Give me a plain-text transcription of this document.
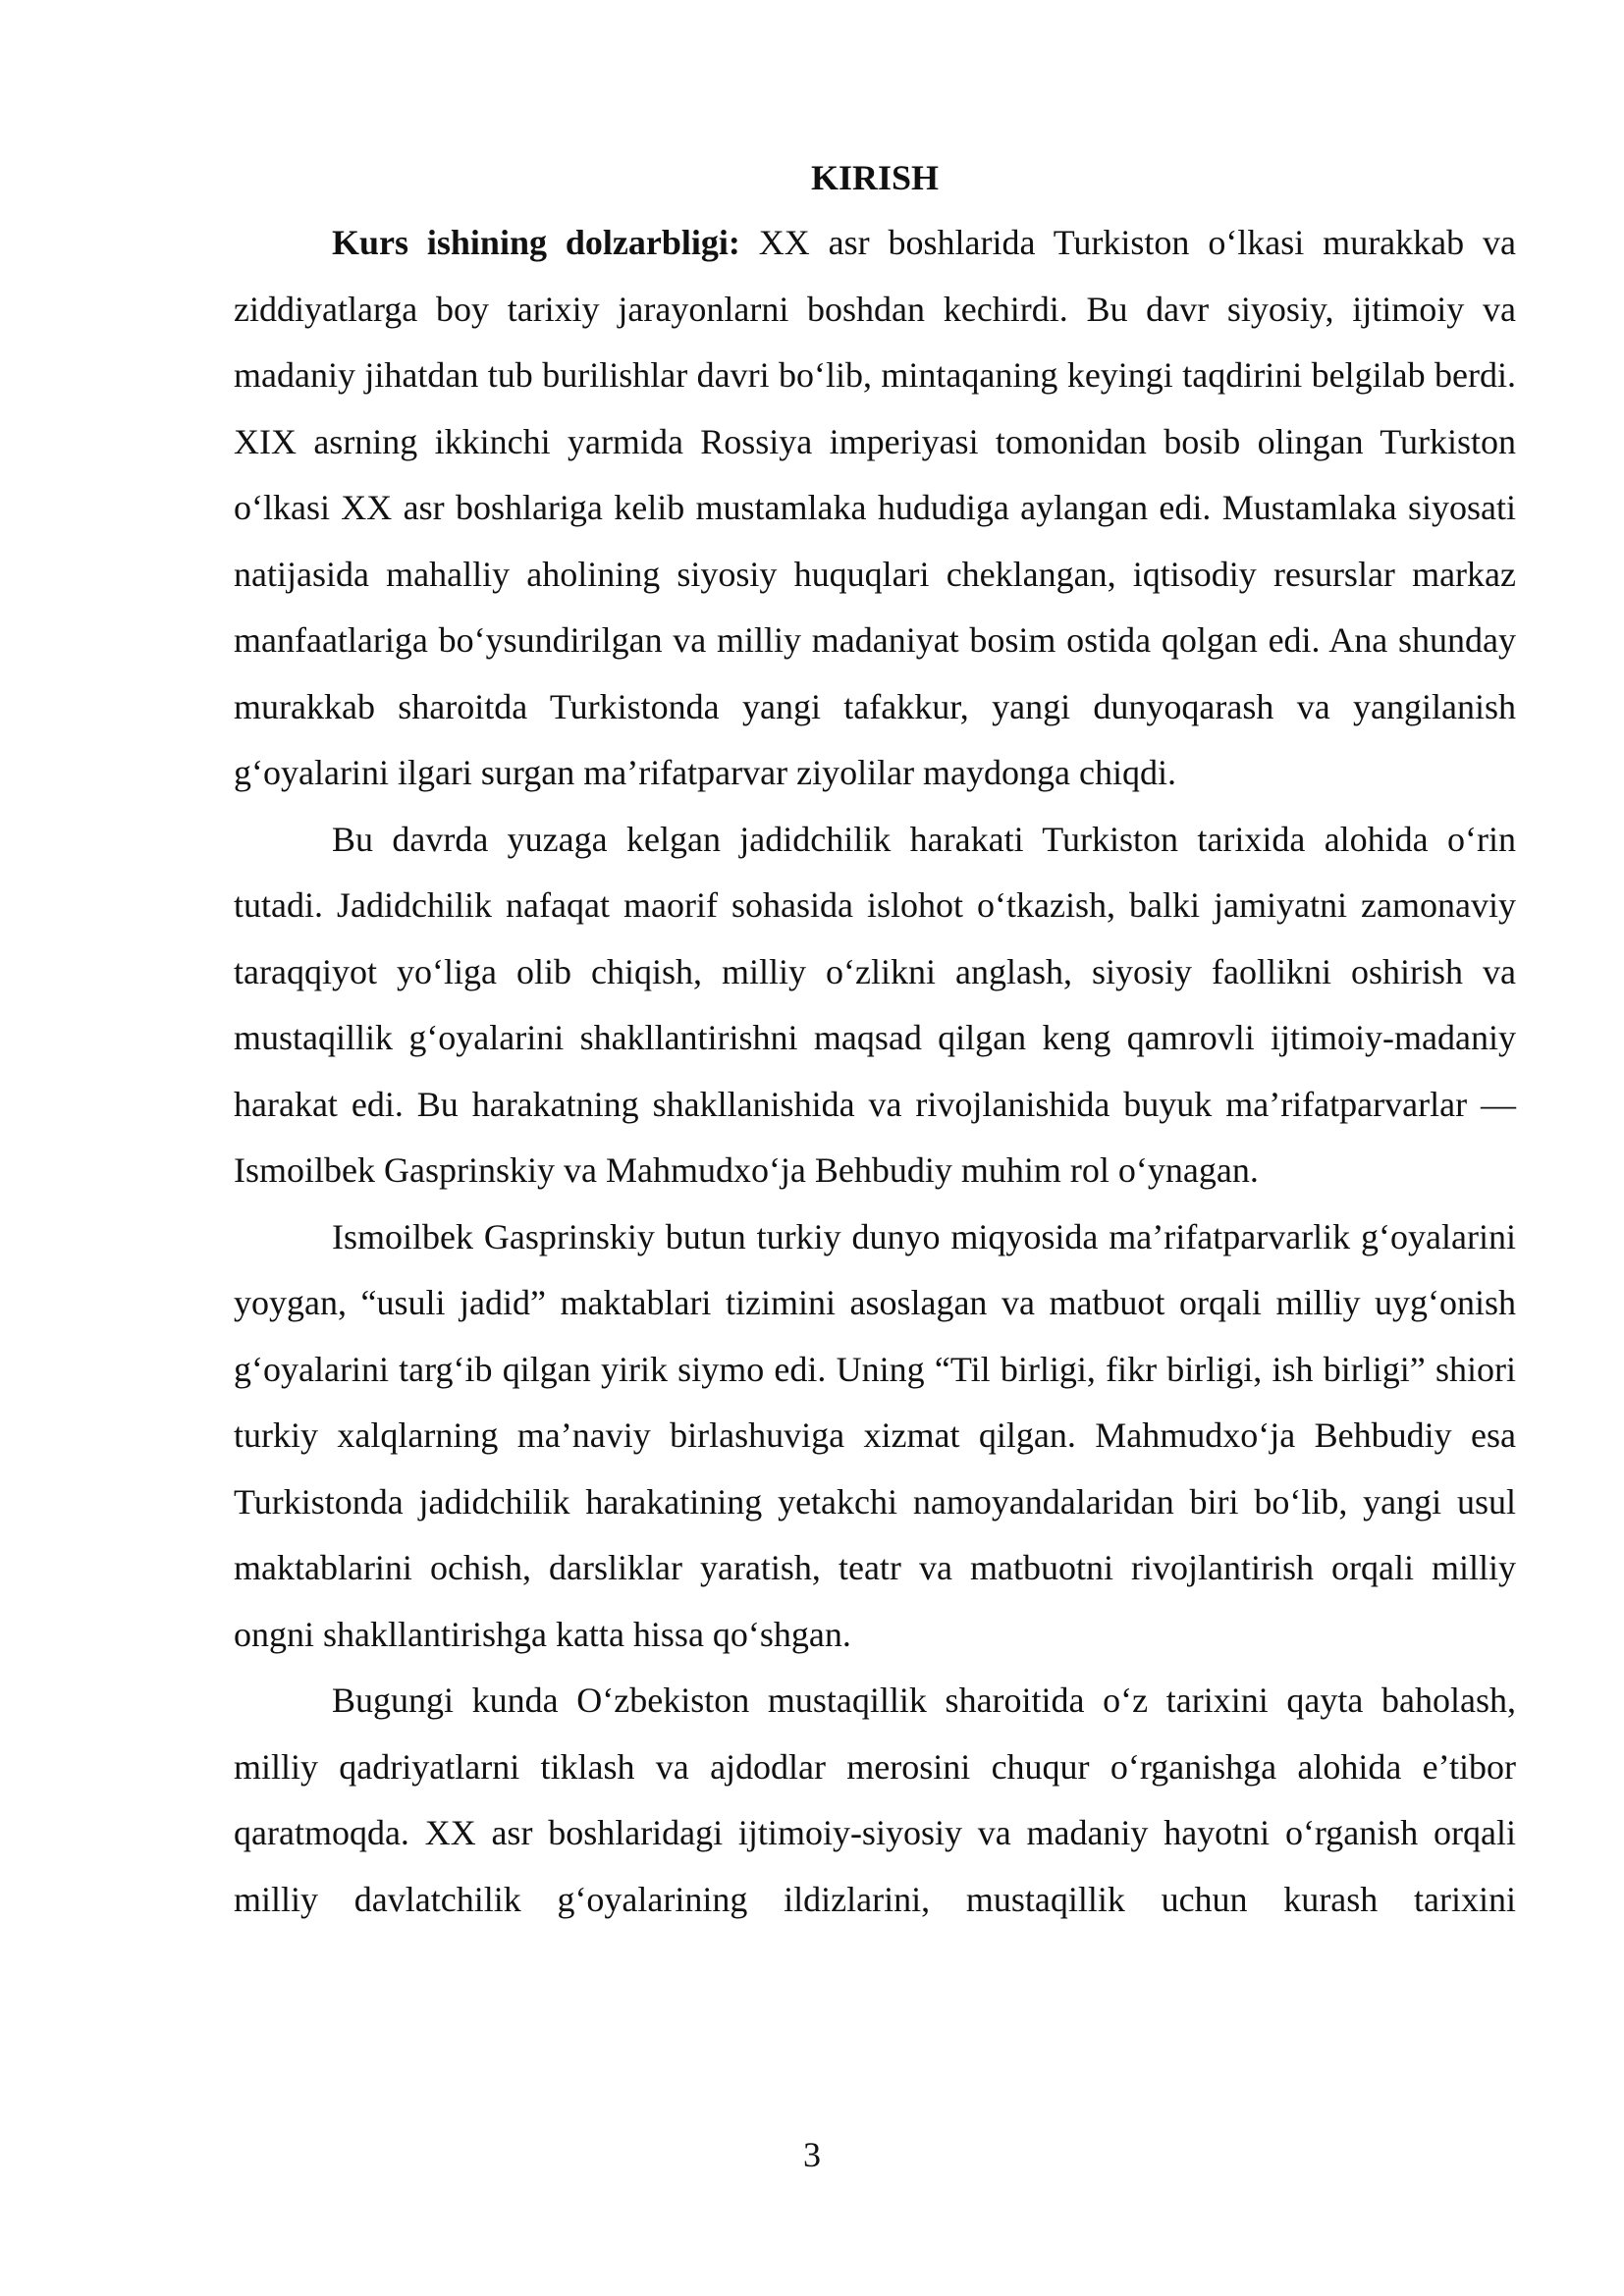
KIRISH

Kurs ishining dolzarbligi: XX asr boshlarida Turkiston o‘lkasi murakkab va ziddiyatlarga boy tarixiy jarayonlarni boshdan kechirdi. Bu davr siyosiy, ijtimoiy va madaniy jihatdan tub burilishlar davri bo‘lib, mintaqaning keyingi taqdirini belgilab berdi. XIX asrning ikkinchi yarmida Rossiya imperiyasi tomonidan bosib olingan Turkiston o‘lkasi XX asr boshlariga kelib mustamlaka hududiga aylangan edi. Mustamlaka siyosati natijasida mahalliy aholining siyosiy huquqlari cheklangan, iqtisodiy resurslar markaz manfaatlariga bo‘ysundirilgan va milliy madaniyat bosim ostida qolgan edi. Ana shunday murakkab sharoitda Turkistonda yangi tafakkur, yangi dunyoqarash va yangilanish g‘oyalarini ilgari surgan ma’rifatparvar ziyolilar maydonga chiqdi.

Bu davrda yuzaga kelgan jadidchilik harakati Turkiston tarixida alohida o‘rin tutadi. Jadidchilik nafaqat maorif sohasida islohot o‘tkazish, balki jamiyatni zamonaviy taraqqiyot yo‘liga olib chiqish, milliy o‘zlikni anglash, siyosiy faollikni oshirish va mustaqillik g‘oyalarini shakllantirishni maqsad qilgan keng qamrovli ijtimoiy-madaniy harakat edi. Bu harakatning shakllanishida va rivojlanishida buyuk ma’rifatparvarlar — Ismoilbek Gasprinskiy va Mahmudxo‘ja Behbudiy muhim rol o‘ynagan.

Ismoilbek Gasprinskiy butun turkiy dunyo miqyosida ma’rifatparvarlik g‘oyalarini yoygan, “usuli jadid” maktablari tizimini asoslagan va matbuot orqali milliy uyg‘onish g‘oyalarini targ‘ib qilgan yirik siymo edi. Uning “Til birligi, fikr birligi, ish birligi” shiori turkiy xalqlarning ma’naviy birlashuviga xizmat qilgan. Mahmudxo‘ja Behbudiy esa Turkistonda jadidchilik harakatining yetakchi namoyandalaridan biri bo‘lib, yangi usul maktablarini ochish, darsliklar yaratish, teatr va matbuotni rivojlantirish orqali milliy ongni shakllantirishga katta hissa qo‘shgan.

Bugungi kunda O‘zbekiston mustaqillik sharoitida o‘z tarixini qayta baholash, milliy qadriyatlarni tiklash va ajdodlar merosini chuqur o‘rganishga alohida e’tibor qaratmoqda. XX asr boshlaridagi ijtimoiy-siyosiy va madaniy hayotni o‘rganish orqali milliy davlatchilik g‘oyalarining ildizlarini, mustaqillik uchun kurash tarixini

3
